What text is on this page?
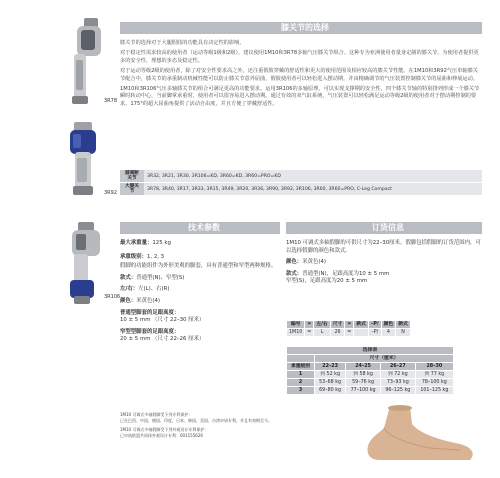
3R78
3R92
3R106
膝关节的选择

膝关节的选择对于大腿假肢的功能具有决定性的影响。

对于稳定性需求较高的使用者（运动等级1级和2级），建议使用1M10和3R78多轴气压膝关节组合。这种专为亚洲使用者量身定制的膝关节，为使用者提供更多的安全性，理想的步态及稳定性。

对于运动等级2级的使用者，除了对安全性要求高之外，还注重假肢穿戴的舒适性和更大的使用范围及相应较高的膝关节性能。在1M10和3R92气压单轴膝关节配合中，膝关节的承重制动机械性能可以防止膝关节意外屈曲，假肢使用者可以轻松进入摆动期，并由精确调节的气压装置控制膝关节的屈曲和伸展运动。

1M10和3R106气压多轴膝关节的组合可满足更高的功能要求。运用3R106的多轴原理，可以实现支撑期的安全性，四个膝关节轴的特别排列形成一个膝关节瞬时转动中心，当前脚掌承重时，使用者可以很容易进入摆动期。通过有效的双气缸系统，气压装置可以轻松满足运动等级2级的使用者对于摆动期控制的要求。175°的超大屈曲角提供了活动自由度，并且方便了穿戴舒适性。

膝离断关节	3R32, 3R21, 3R30, 3R106=KD, 3R60=KD, 3R60=PRO=KD
大腿关节	3R78, 3R40, 3R17, 3R33, 3R15, 3R49, 3R20, 3R36, 3R90, 3R92, 3R106, 3R60, 3R60=PRO, C-Leg Compact
技术参数
最大承重量：125 kg
承重级别：1, 2, 3
假脚的功能组件为外形美观的脚套，具有普通型和窄型两种规格。
款式：普通型(N)、窄型(S)
左/右：左(L)、右(R)
颜色：米黄色(4)
普通型脚套的足跟高度：
10 ± 5 mm （尺寸 22–30 厘米）
窄型型脚套的足跟高度：
20 ± 5 mm （尺寸 22–26 厘米）
订货信息
1M10 可调式多轴假脚的可供尺寸为22–30厘米。假脚包括假脚的订货范围内，可以选择假脚的颜色和款式。
颜色：米黄色(4)
款式：普通型(N)，足跟高度为10 ± 5 mm
窄型(S)，足跟高度为20 ± 5 mm
编号	=	左/右	尺寸	=	款式	–P/	颜色	款式
1M10	=	L	26	=		–P/	4	N
选择表				
	尺寸（厘米）			
承重级别	22–23	24–25	26–27	28–30
1	到 52 kg	到 58 kg	到 72 kg	到 77 kg
2	53–68 kg	59–76 kg	73–93 kg	78–100 kg
3	69–80 kg	77–100 kg	96–125 kg	101–125 kg
1M10 可调式多轴假脚受下列专利保护：
已在巴西、中国、德国、印度、日本、韩国、美国、台湾申请专利，并且有效期至今。
1M10 可调式多轴假脚受下列外观设计专利保护：
已申请欧盟共同体外观设计专利：001155626
